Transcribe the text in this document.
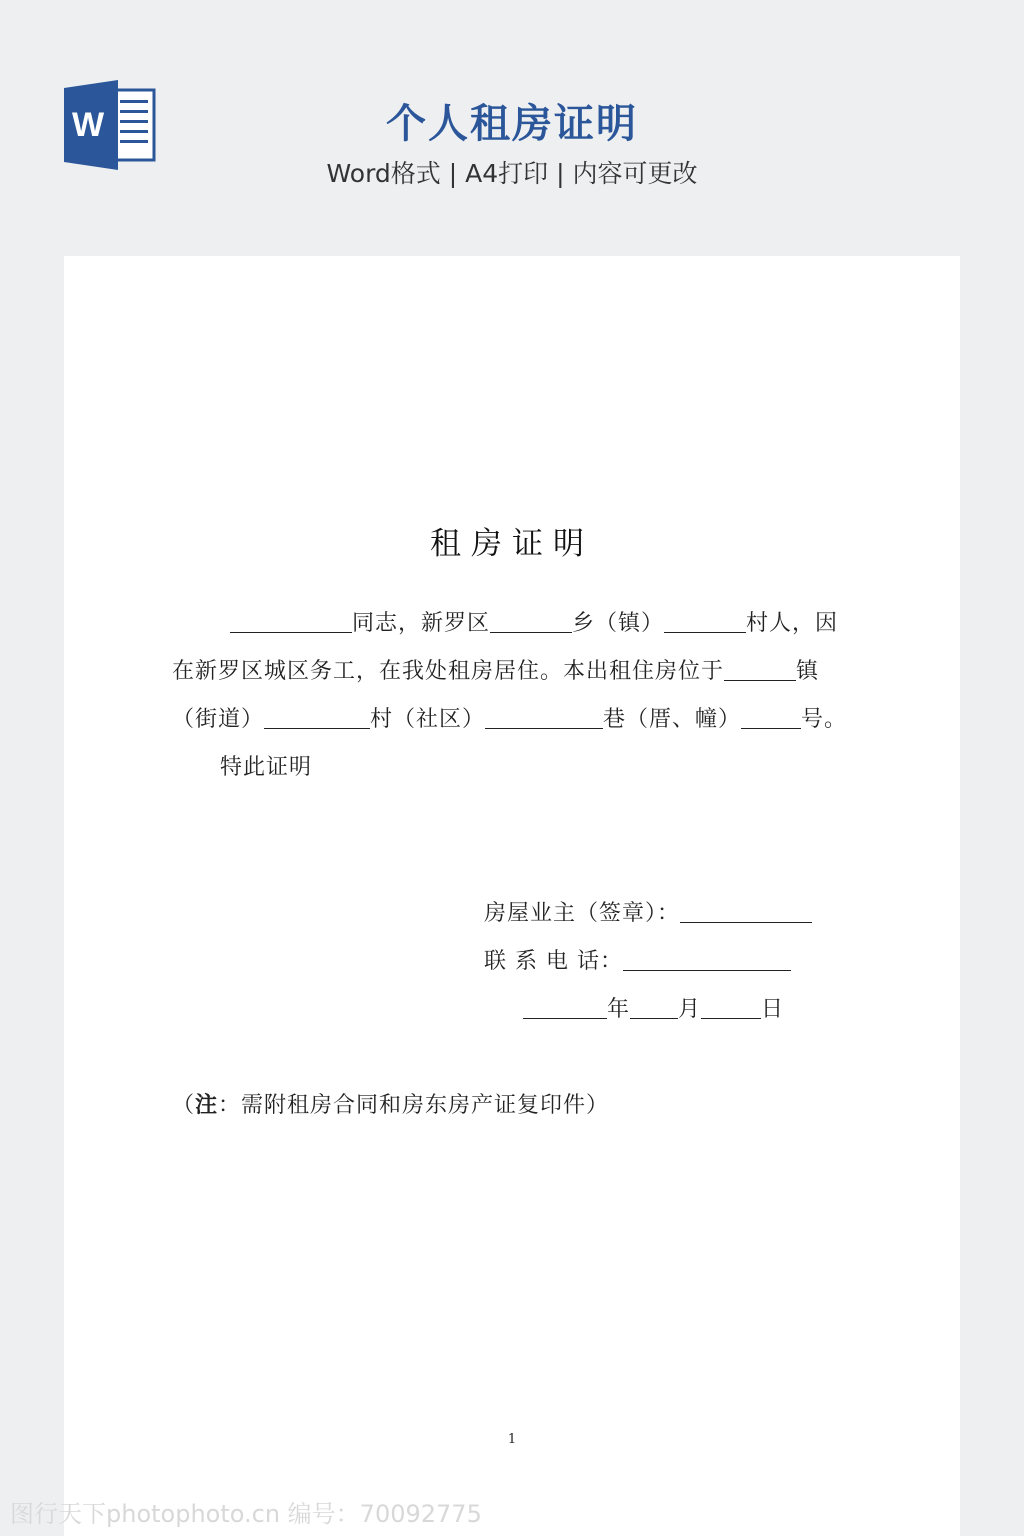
W	个人租房证明
Word格式 | A4打印 | 内容可更改
租房证明
同志，新罗区	乡（镇）	村人，因
在新罗区城区务工，在我处租房居住。本出租住房位于	镇
（街道）	村（社区）	巷（厝、幢）	号。
特此证明
房屋业主（签章）：
联 系 电 话：
年 月	日
（注：需附租房合同和房东房产证复印件）
1
图行天下photophoto.cn 编号：70092775
